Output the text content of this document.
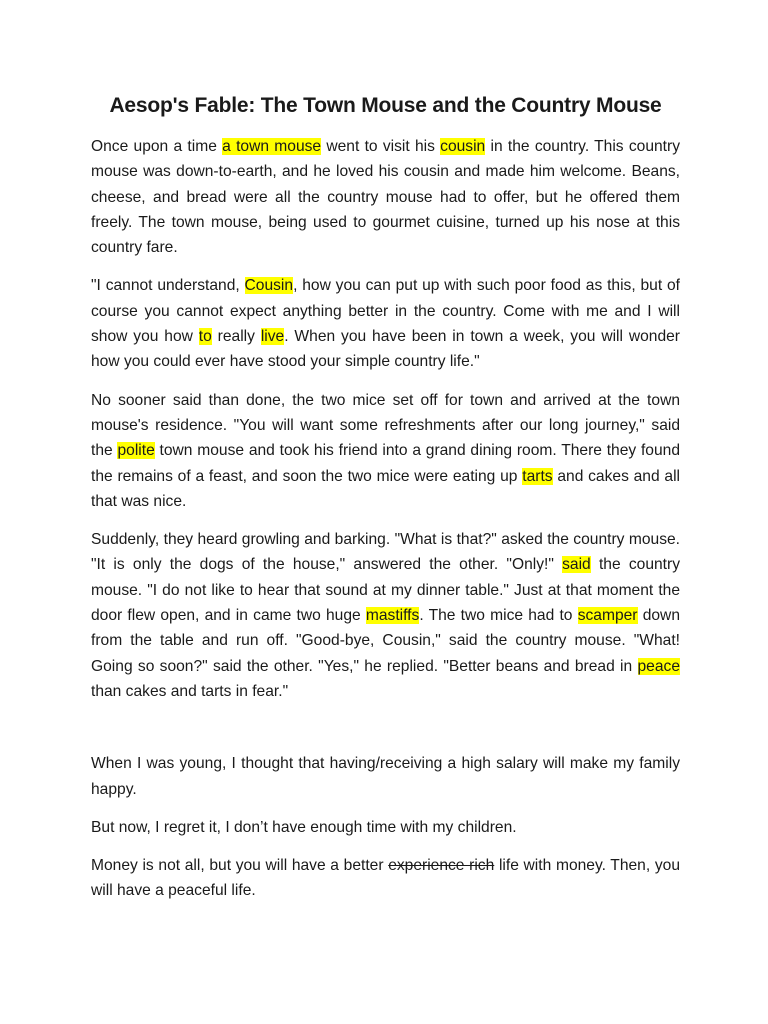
Aesop's Fable: The Town Mouse and the Country Mouse

Once upon a time a town mouse went to visit his cousin in the country. This country mouse was down-to-earth, and he loved his cousin and made him welcome. Beans, cheese, and bread were all the country mouse had to offer, but he offered them freely. The town mouse, being used to gourmet cuisine, turned up his nose at this country fare.

"I cannot understand, Cousin, how you can put up with such poor food as this, but of course you cannot expect anything better in the country. Come with me and I will show you how to really live. When you have been in town a week, you will wonder how you could ever have stood your simple country life."

No sooner said than done, the two mice set off for town and arrived at the town mouse's residence. "You will want some refreshments after our long journey," said the polite town mouse and took his friend into a grand dining room. There they found the remains of a feast, and soon the two mice were eating up tarts and cakes and all that was nice.

Suddenly, they heard growling and barking. "What is that?" asked the country mouse. "It is only the dogs of the house," answered the other. "Only!" said the country mouse. "I do not like to hear that sound at my dinner table." Just at that moment the door flew open, and in came two huge mastiffs. The two mice had to scamper down from the table and run off. "Good-bye, Cousin," said the country mouse. "What! Going so soon?" said the other. "Yes," he replied. "Better beans and bread in peace than cakes and tarts in fear."

When I was young, I thought that having/receiving a high salary will make my family happy.

But now, I regret it, I don’t have enough time with my children.

Money is not all, but you will have a better experience rich life with money. Then, you will have a peaceful life.
